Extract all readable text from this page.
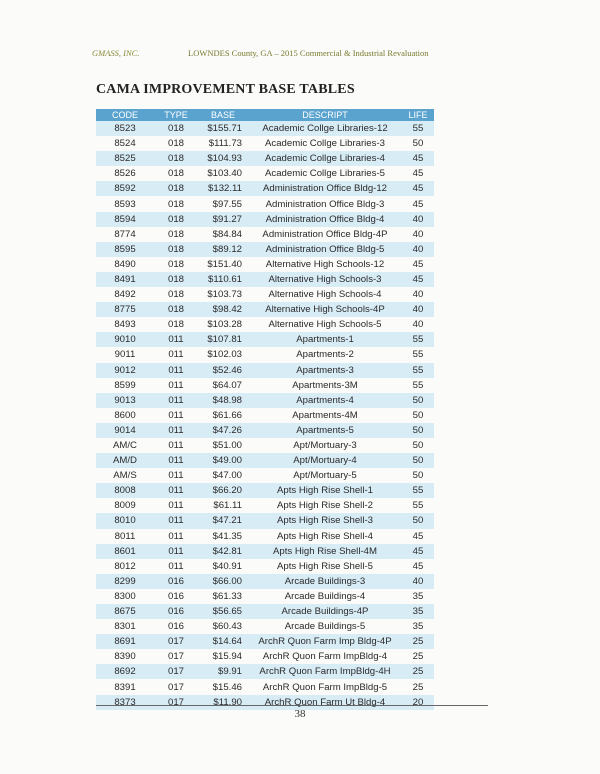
GMASS, INC.	LOWNDES County, GA – 2015 Commercial & Industrial Revaluation
CAMA IMPROVEMENT BASE TABLES
CODE	TYPE	BASE	DESCRIPT	LIFE
8523	018	$155.71	Academic Collge Libraries-12	55
8524	018	$111.73	Academic Collge Libraries-3	50
8525	018	$104.93	Academic Collge Libraries-4	45
8526	018	$103.40	Academic Collge Libraries-5	45
8592	018	$132.11	Administration Office Bldg-12	45
8593	018	$97.55	Administration Office Bldg-3	45
8594	018	$91.27	Administration Office Bldg-4	40
8774	018	$84.84	Administration Office Bldg-4P	40
8595	018	$89.12	Administration Office Bldg-5	40
8490	018	$151.40	Alternative High Schools-12	45
8491	018	$110.61	Alternative High Schools-3	45
8492	018	$103.73	Alternative High Schools-4	40
8775	018	$98.42	Alternative High Schools-4P	40
8493	018	$103.28	Alternative High Schools-5	40
9010	011	$107.81	Apartments-1	55
9011	011	$102.03	Apartments-2	55
9012	011	$52.46	Apartments-3	55
8599	011	$64.07	Apartments-3M	55
9013	011	$48.98	Apartments-4	50
8600	011	$61.66	Apartments-4M	50
9014	011	$47.26	Apartments-5	50
AM/C	011	$51.00	Apt/Mortuary-3	50
AM/D	011	$49.00	Apt/Mortuary-4	50
AM/S	011	$47.00	Apt/Mortuary-5	50
8008	011	$66.20	Apts High Rise Shell-1	55
8009	011	$61.11	Apts High Rise Shell-2	55
8010	011	$47.21	Apts High Rise Shell-3	50
8011	011	$41.35	Apts High Rise Shell-4	45
8601	011	$42.81	Apts High Rise Shell-4M	45
8012	011	$40.91	Apts High Rise Shell-5	45
8299	016	$66.00	Arcade Buildings-3	40
8300	016	$61.33	Arcade Buildings-4	35
8675	016	$56.65	Arcade Buildings-4P	35
8301	016	$60.43	Arcade Buildings-5	35
8691	017	$14.64	ArchR Quon Farm Imp Bldg-4P	25
8390	017	$15.94	ArchR Quon Farm ImpBldg-4	25
8692	017	$9.91	ArchR Quon Farm ImpBldg-4H	25
8391	017	$15.46	ArchR Quon Farm ImpBldg-5	25
8373	017	$11.90	ArchR Quon Farm Ut Bldg-4	20
38
